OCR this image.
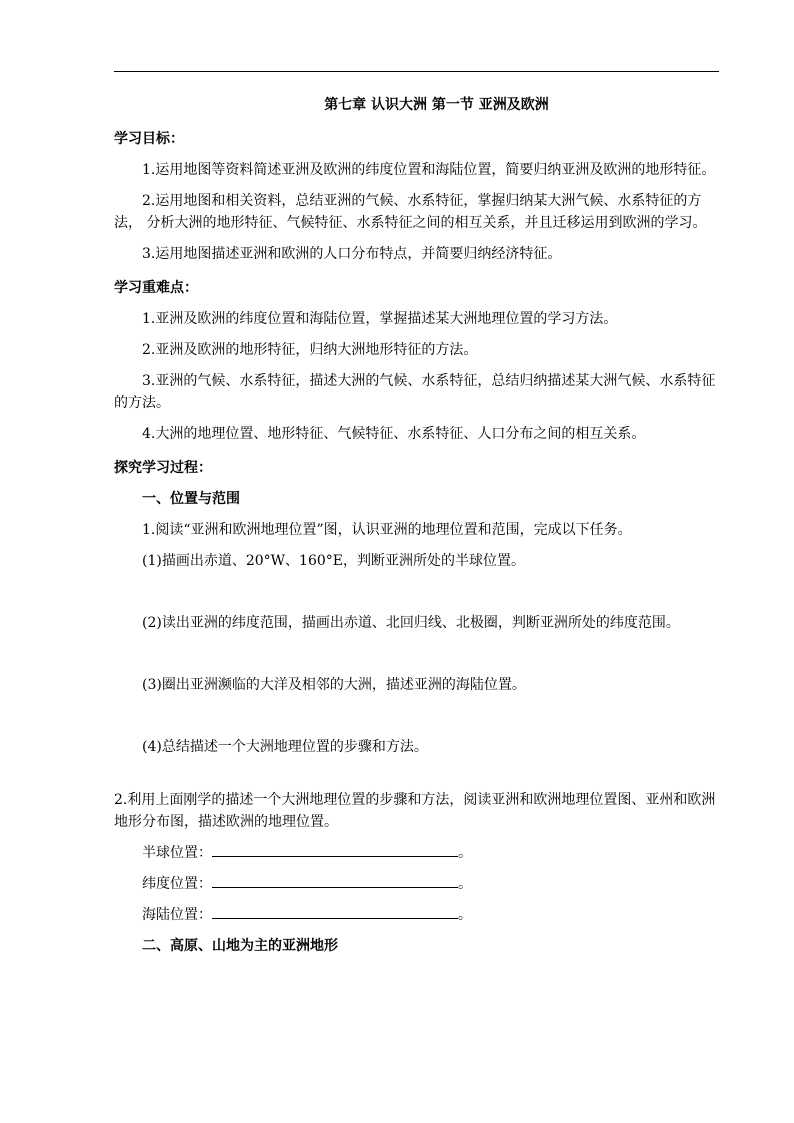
第七章 认识大洲 第一节 亚洲及欧洲

学习目标：

1.运用地图等资料简述亚洲及欧洲的纬度位置和海陆位置，简要归纳亚洲及欧洲的地形特征。

2.运用地图和相关资料，总结亚洲的气候、水系特征，掌握归纳某大洲气候、水系特征的方法， 分析大洲的地形特征、气候特征、水系特征之间的相互关系，并且迁移运用到欧洲的学习。

3.运用地图描述亚洲和欧洲的人口分布特点，并简要归纳经济特征。

学习重难点：

1.亚洲及欧洲的纬度位置和海陆位置，掌握描述某大洲地理位置的学习方法。

2.亚洲及欧洲的地形特征，归纳大洲地形特征的方法。

3.亚洲的气候、水系特征，描述大洲的气候、水系特征，总结归纳描述某大洲气候、水系特征的方法。

4.大洲的地理位置、地形特征、气候特征、水系特征、人口分布之间的相互关系。

探究学习过程：

一、位置与范围

1.阅读“亚洲和欧洲地理位置”图，认识亚洲的地理位置和范围，完成以下任务。

(1)描画出赤道、20°W、160°E，判断亚洲所处的半球位置。

(2)读出亚洲的纬度范围，描画出赤道、北回归线、北极圈，判断亚洲所处的纬度范围。

(3)圈出亚洲濒临的大洋及相邻的大洲，描述亚洲的海陆位置。

(4)总结描述一个大洲地理位置的步骤和方法。

2.利用上面刚学的描述一个大洲地理位置的步骤和方法，阅读亚洲和欧洲地理位置图、亚州和欧洲地形分布图，描述欧洲的地理位置。

半球位置：	。
纬度位置：	。
海陆位置：	。

二、高原、山地为主的亚洲地形
